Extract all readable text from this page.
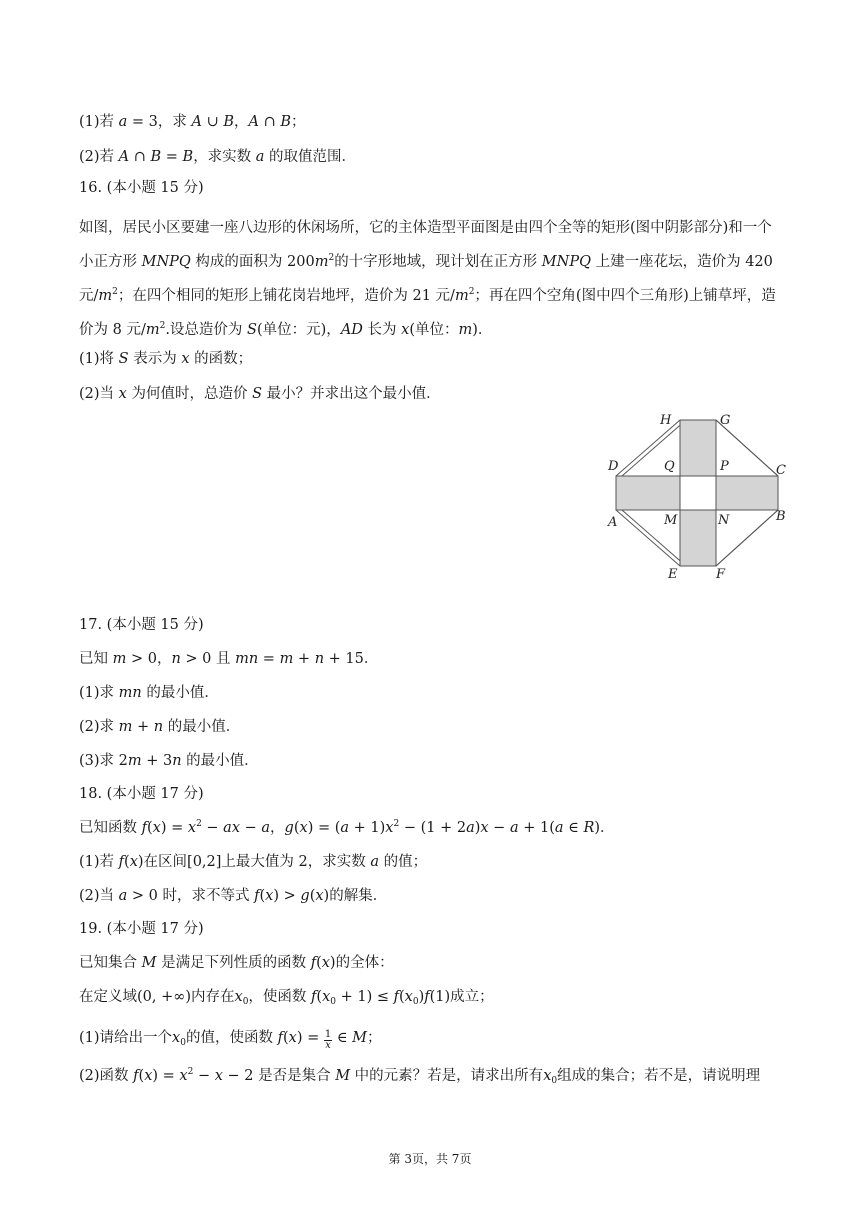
(1)若 a = 3，求 A ∪ B，A ∩ B；
(2)若 A ∩ B = B，求实数 a 的取值范围．
16. (本小题 15 分)
如图，居民小区要建一座八边形的休闲场所，它的主体造型平面图是由四个全等的矩形(图中阴影部分)和一个小正方形 MNPQ 构成的面积为 $200m^2$的十字形地域，现计划在正方形 MNPQ 上建一座花坛，造价为 420 元$/m^2$；在四个相同的矩形上铺花岗岩地坪，造价为 21 元$/m^2$；再在四个空角(图中四个三角形)上铺草坪，造价为 8 元$/m^2$.设总造价为 S(单位：元)，AD 长为 x(单位：m)．
(1)将 S 表示为 x 的函数；
(2)当 x 为何值时，总造价 S 最小？并求出这个最小值．
H	G
D	Q	P	C
A	M	N	B
E	F
17. (本小题 15 分)
已知 m > 0，n > 0 且 mn = m + n + 15．
(1)求 mn 的最小值．
(2)求 m + n 的最小值．
(3)求 2m + 3n 的最小值．
18. (本小题 17 分)
已知函数 $f(x) = x^2$ − ax − a，$g(x) = (a + 1)x^2 - (1 + 2a)x - a + 1(a$ ∈ R)．
(1)若 f(x)在区间[0,2]上最大值为 2，求实数 a 的值；
(2)当 a > 0 时，求不等式 f(x) > g(x)的解集．
19. (本小题 17 分)
已知集合 M 是满足下列性质的函数 f(x)的全体：
在定义域(0, +∞)内存在$x_0$，使函数 $f(x_0 + 1) \le f(x_0)f(1)$成立；
(1)请给出一个$x_0$的值，使函数 $f(x) = \frac{1}{x}$ ∈ M；
(2)函数 $f(x) = x^2 - x - 2$ 是否是集合 M 中的元素？若是，请求出所有$x_0$组成的集合；若不是，请说明理
第 3页，共 7页
